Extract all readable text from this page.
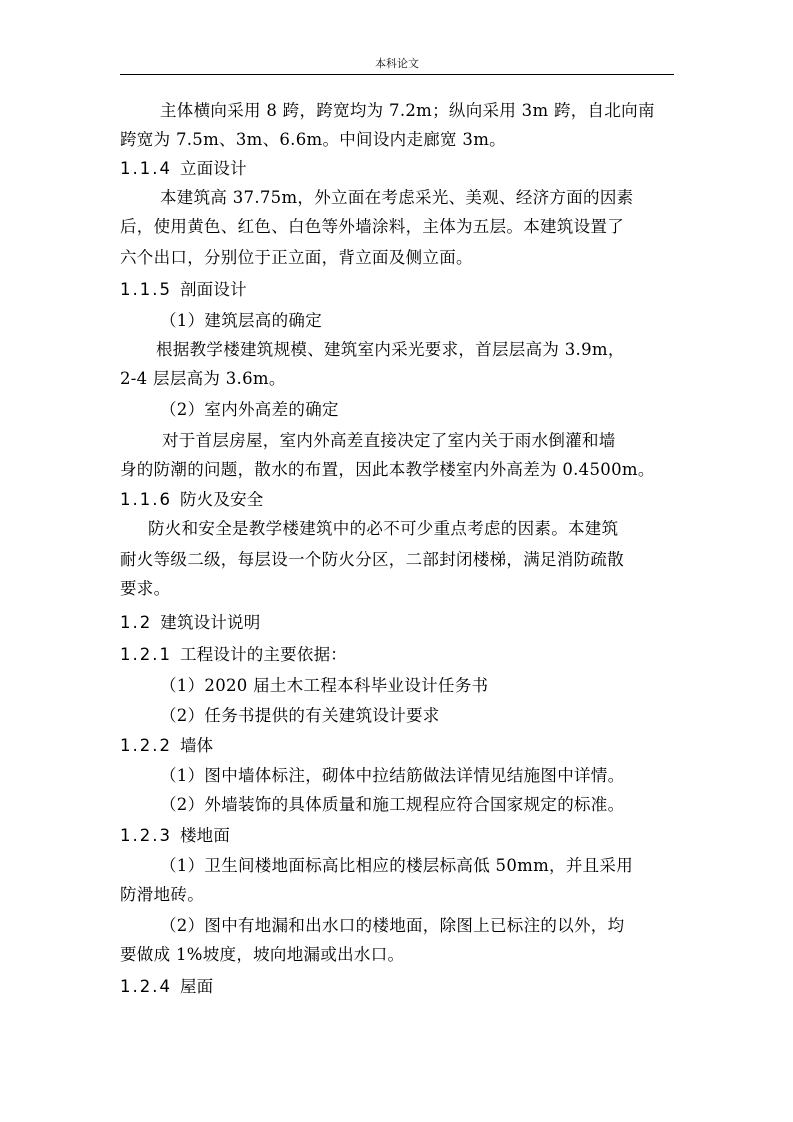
本科论文
主体横向采用 8 跨，跨宽均为 7.2m；纵向采用 3m 跨，自北向南
跨宽为 7.5m、3m、6.6m。中间设内走廊宽 3m。
1.1.4 立面设计
本建筑高 37.75m，外立面在考虑采光、美观、经济方面的因素
后，使用黄色、红色、白色等外墙涂料，主体为五层。本建筑设置了
六个出口，分别位于正立面，背立面及侧立面。
1.1.5 剖面设计
（1）建筑层高的确定
根据教学楼建筑规模、建筑室内采光要求，首层层高为 3.9m，
2-4 层层高为 3.6m。
（2）室内外高差的确定
对于首层房屋，室内外高差直接决定了室内关于雨水倒灌和墙
身的防潮的问题，散水的布置，因此本教学楼室内外高差为 0.4500m。
1.1.6 防火及安全
防火和安全是教学楼建筑中的必不可少重点考虑的因素。本建筑
耐火等级二级，每层设一个防火分区，二部封闭楼梯，满足消防疏散
要求。
1.2 建筑设计说明
1.2.1 工程设计的主要依据：
（1）2020 届土木工程本科毕业设计任务书
（2）任务书提供的有关建筑设计要求
1.2.2 墙体
（1）图中墙体标注，砌体中拉结筋做法详情见结施图中详情。
（2）外墙装饰的具体质量和施工规程应符合国家规定的标准。
1.2.3 楼地面
（1）卫生间楼地面标高比相应的楼层标高低 50mm，并且采用
防滑地砖。
（2）图中有地漏和出水口的楼地面，除图上已标注的以外，均
要做成 1%坡度，坡向地漏或出水口。
1.2.4 屋面
